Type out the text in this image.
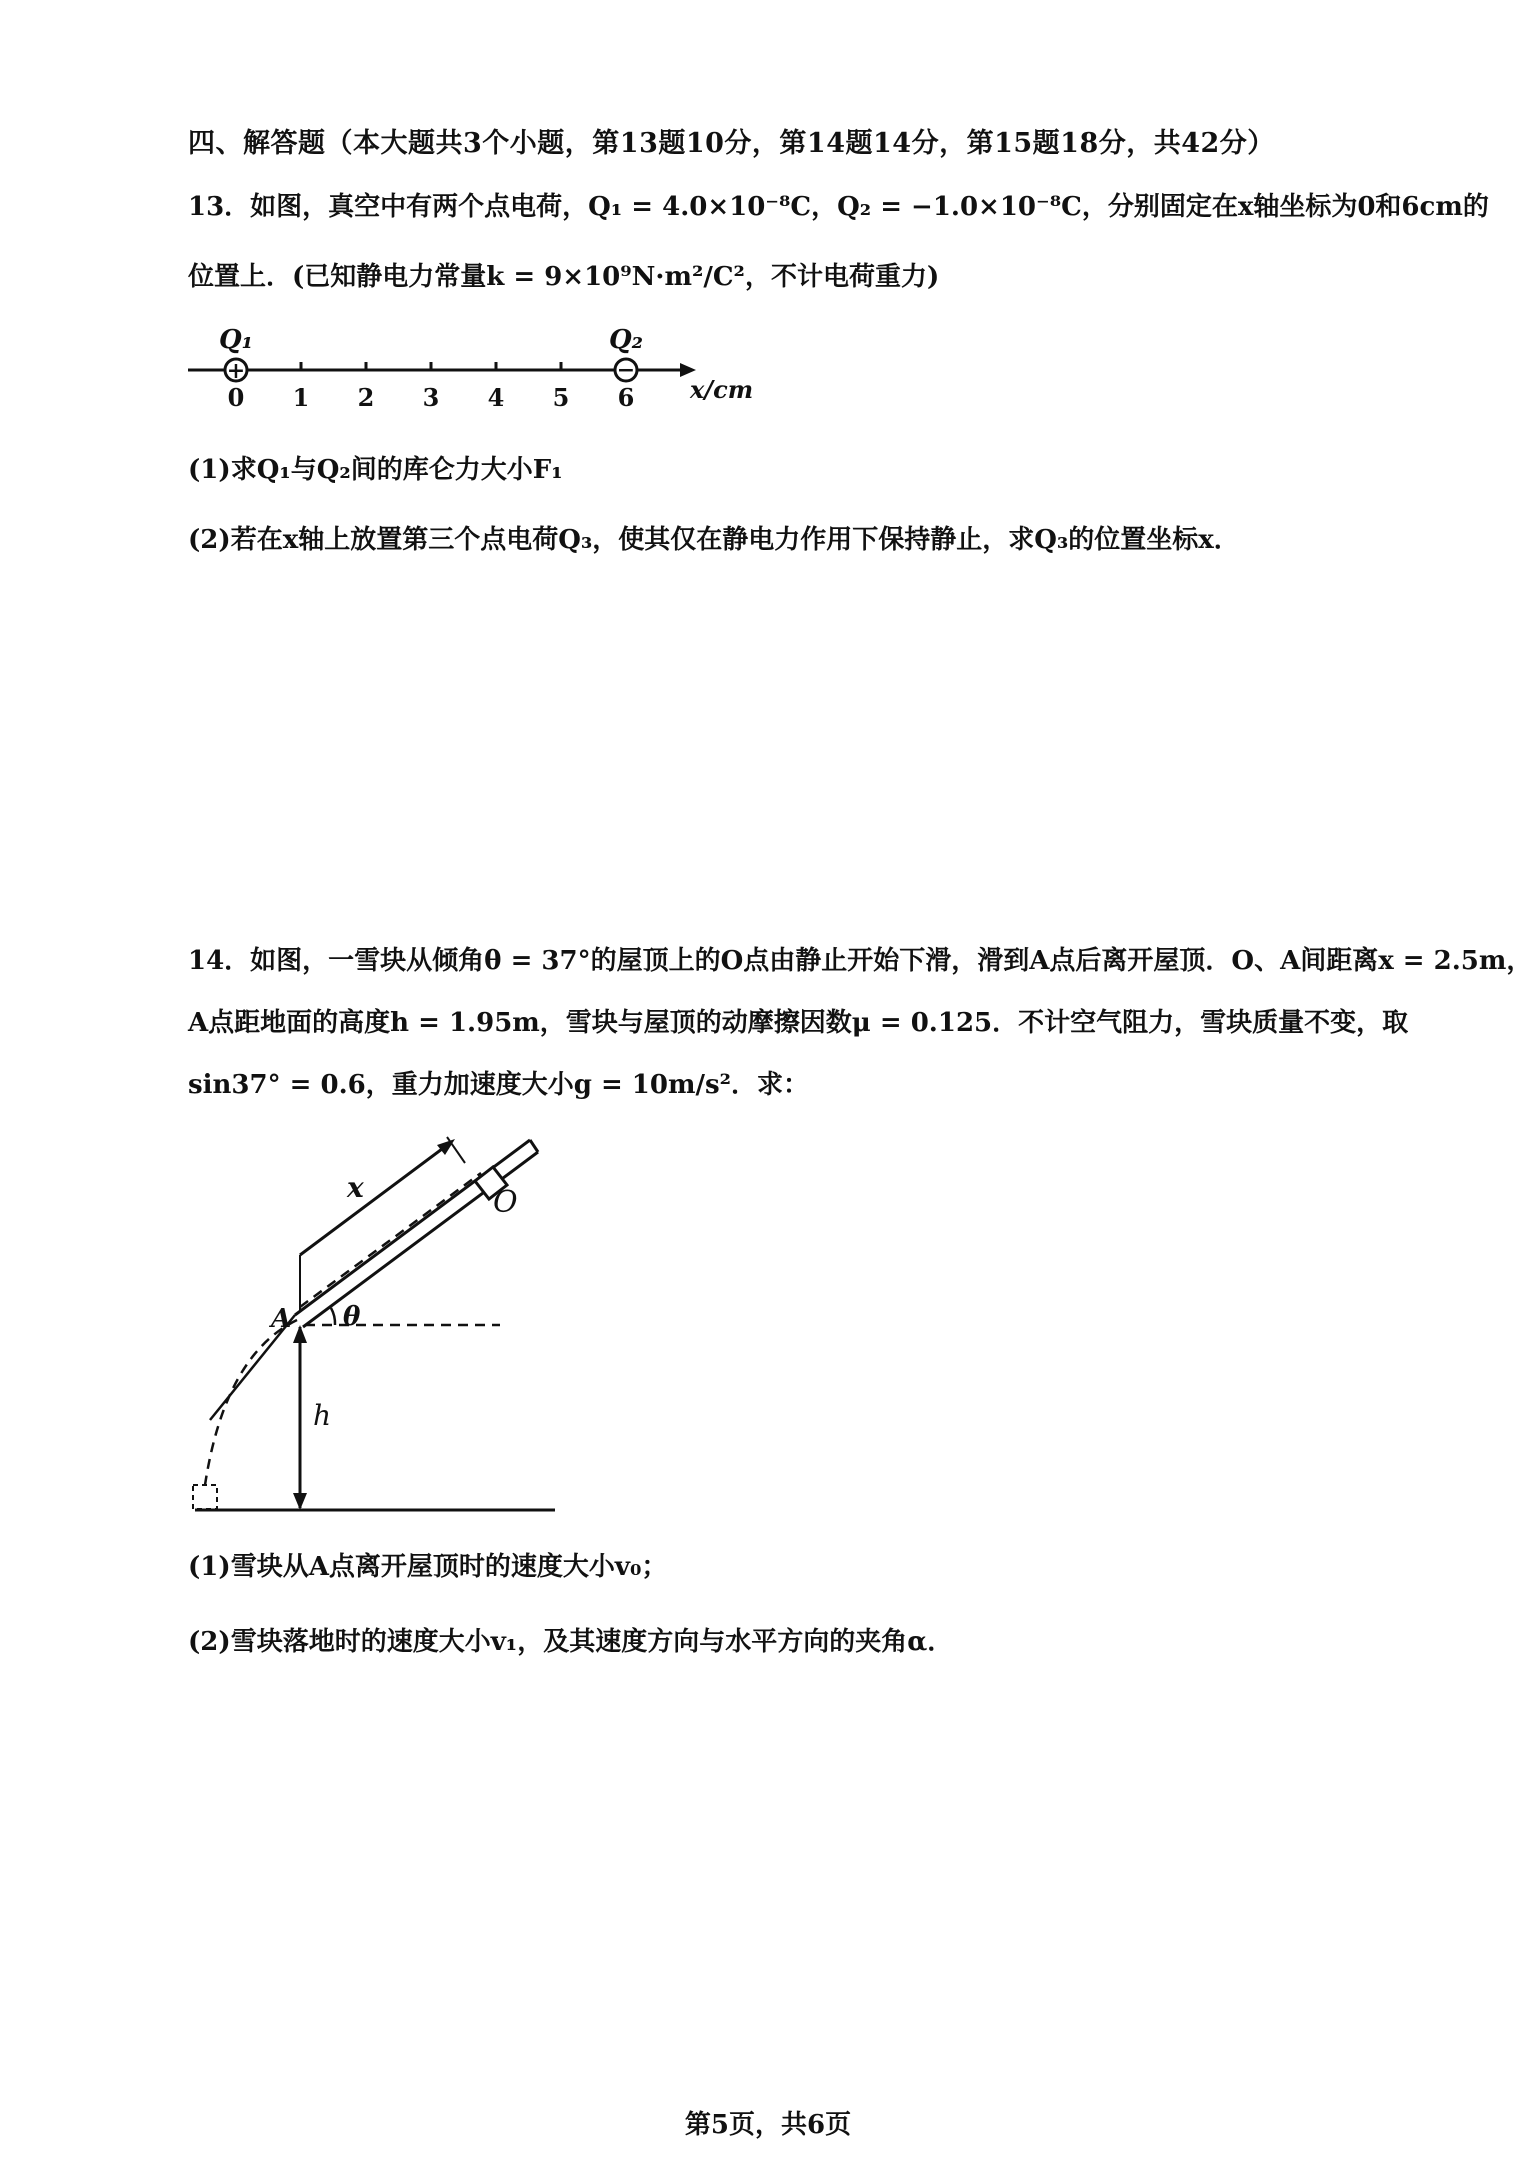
四、解答题（本大题共3个小题，第13题10分，第14题14分，第15题18分，共42分）
13．如图，真空中有两个点电荷，Q₁ = 4.0×10⁻⁸C，Q₂ = −1.0×10⁻⁸C，分别固定在x轴坐标为0和6cm的
位置上．(已知静电力常量k = 9×10⁹N·m²/C²，不计电荷重力)
+	−
Q₁	Q₂
0 1 2 3 4 5 6 x/cm
(1)求Q₁与Q₂间的库仑力大小F₁
(2)若在x轴上放置第三个点电荷Q₃，使其仅在静电力作用下保持静止，求Q₃的位置坐标x．
14．如图，一雪块从倾角θ = 37°的屋顶上的O点由静止开始下滑，滑到A点后离开屋顶．O、A间距离x = 2.5m，
A点距地面的高度h = 1.95m，雪块与屋顶的动摩擦因数μ = 0.125．不计空气阻力，雪块质量不变，取
sin37° = 0.6，重力加速度大小g = 10m/s²．求：
x	O
A θ
h
(1)雪块从A点离开屋顶时的速度大小v₀；
(2)雪块落地时的速度大小v₁，及其速度方向与水平方向的夹角α．
第5页，共6页
